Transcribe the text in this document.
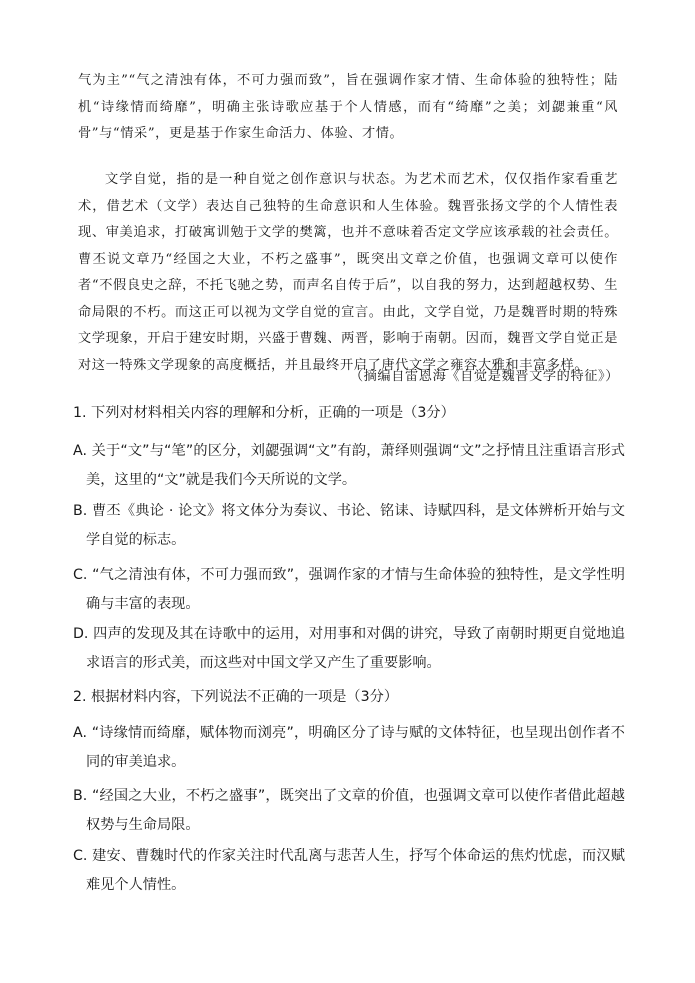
气为主”“气之清浊有体，不可力强而致”，旨在强调作家才情、生命体验的独特性；陆机“诗缘情而绮靡”，明确主张诗歌应基于个人情感，而有“绮靡”之美；刘勰兼重“风骨”与“情采”，更是基于作家生命活力、体验、才情。

文学自觉，指的是一种自觉之创作意识与状态。为艺术而艺术，仅仅指作家看重艺术，借艺术（文学）表达自己独特的生命意识和人生体验。魏晋张扬文学的个人情性表现、审美追求，打破寓训勉于文学的樊篱，也并不意味着否定文学应该承载的社会责任。曹丕说文章乃“经国之大业，不朽之盛事”，既突出文章之价值，也强调文章可以使作者“不假良史之辞，不托飞驰之势，而声名自传于后”，以自我的努力，达到超越权势、生命局限的不朽。而这正可以视为文学自觉的宣言。由此，文学自觉，乃是魏晋时期的特殊文学现象，开启于建安时期，兴盛于曹魏、两晋，影响于南朝。因而，魏晋文学自觉正是对这一特殊文学现象的高度概括，并且最终开启了唐代文学之雍容大雅和丰富多样。

（摘编自雷恩海《自觉是魏晋文学的特征》）

1. 下列对材料相关内容的理解和分析，正确的一项是（3分）

A. 关于“文”与“笔”的区分，刘勰强调“文”有韵，萧绎则强调“文”之抒情且注重语言形式美，这里的“文”就是我们今天所说的文学。

B. 曹丕《典论 · 论文》将文体分为奏议、书论、铭诔、诗赋四科，是文体辨析开始与文学自觉的标志。

C. “气之清浊有体，不可力强而致”，强调作家的才情与生命体验的独特性，是文学性明确与丰富的表现。

D. 四声的发现及其在诗歌中的运用，对用事和对偶的讲究，导致了南朝时期更自觉地追求语言的形式美，而这些对中国文学又产生了重要影响。

2. 根据材料内容，下列说法不正确的一项是（3分）

A. “诗缘情而绮靡，赋体物而浏亮”，明确区分了诗与赋的文体特征，也呈现出创作者不同的审美追求。

B. “经国之大业，不朽之盛事”，既突出了文章的价值，也强调文章可以使作者借此超越权势与生命局限。

C. 建安、曹魏时代的作家关注时代乱离与悲苦人生，抒写个体命运的焦灼忧虑，而汉赋难见个人情性。
